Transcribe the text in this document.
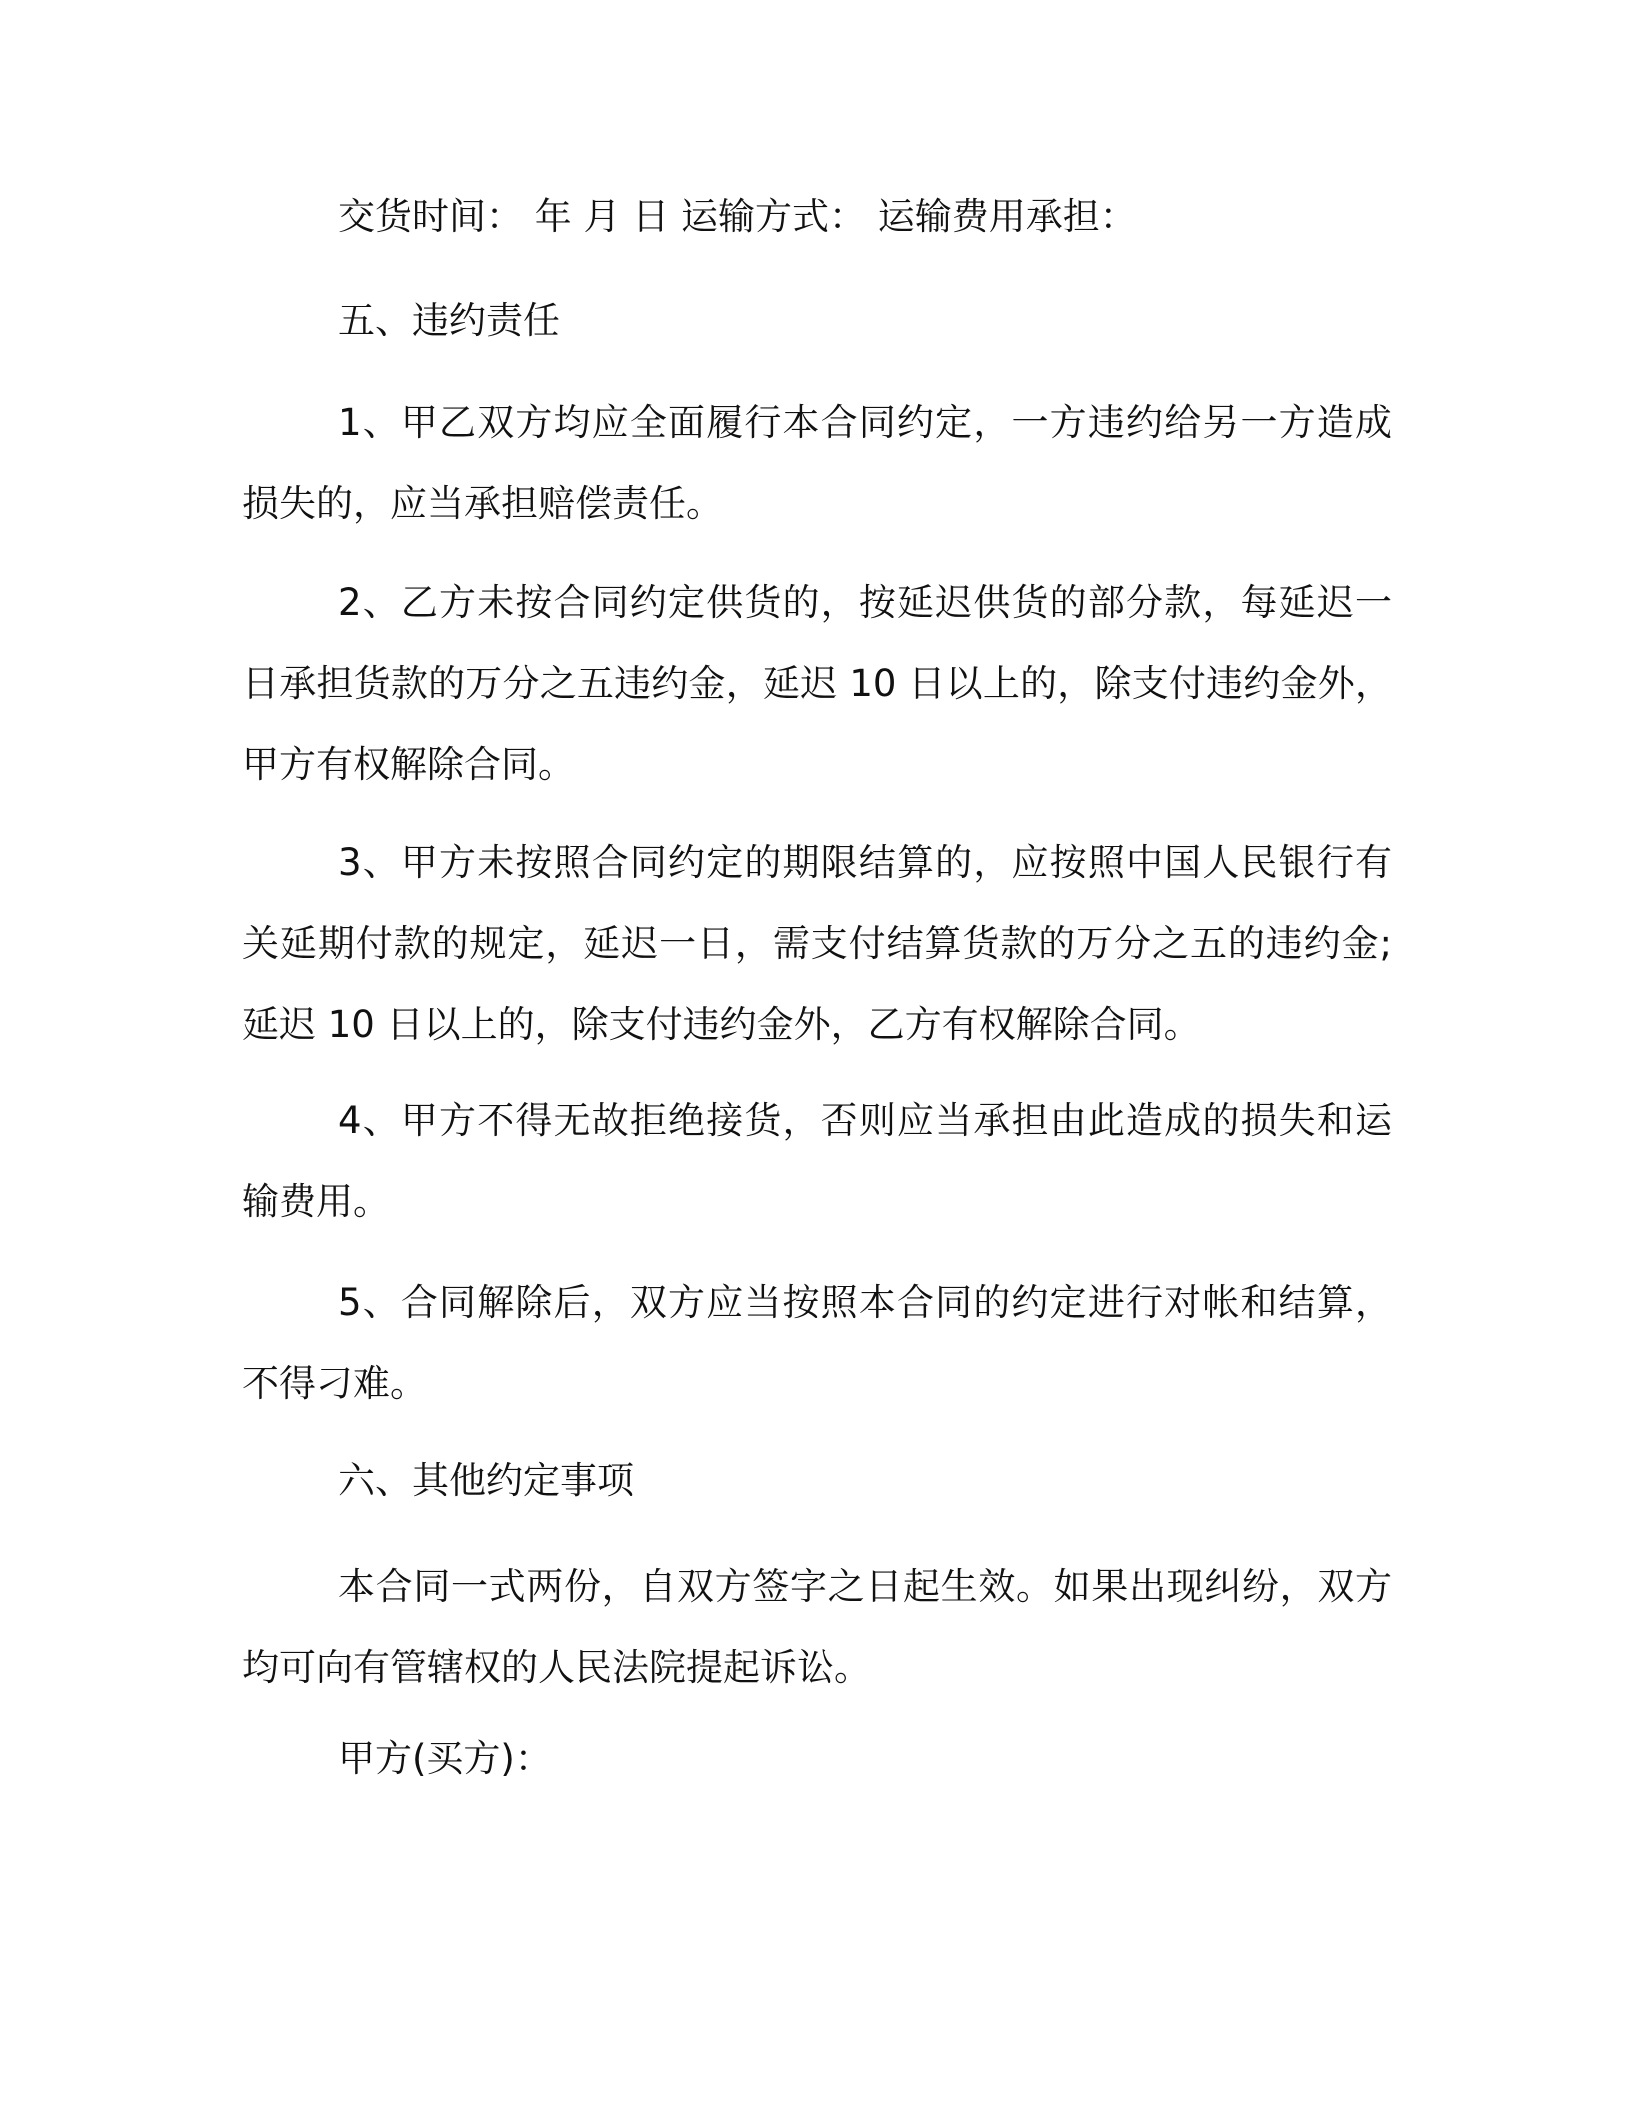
交货时间： 年 月 日 运输方式： 运输费用承担：
五、违约责任
1、甲乙双方均应全面履行本合同约定，一方违约给另一方造成损失的，应当承担赔偿责任。
2、乙方未按合同约定供货的，按延迟供货的部分款，每延迟一日承担货款的万分之五违约金，延迟 10 日以上的，除支付违约金外，甲方有权解除合同。
3、甲方未按照合同约定的期限结算的，应按照中国人民银行有关延期付款的规定，延迟一日，需支付结算货款的万分之五的违约金;延迟 10 日以上的，除支付违约金外，乙方有权解除合同。
4、甲方不得无故拒绝接货，否则应当承担由此造成的损失和运输费用。
5、合同解除后，双方应当按照本合同的约定进行对帐和结算，不得刁难。
六、其他约定事项
本合同一式两份，自双方签字之日起生效。如果出现纠纷，双方均可向有管辖权的人民法院提起诉讼。
甲方(买方)：
